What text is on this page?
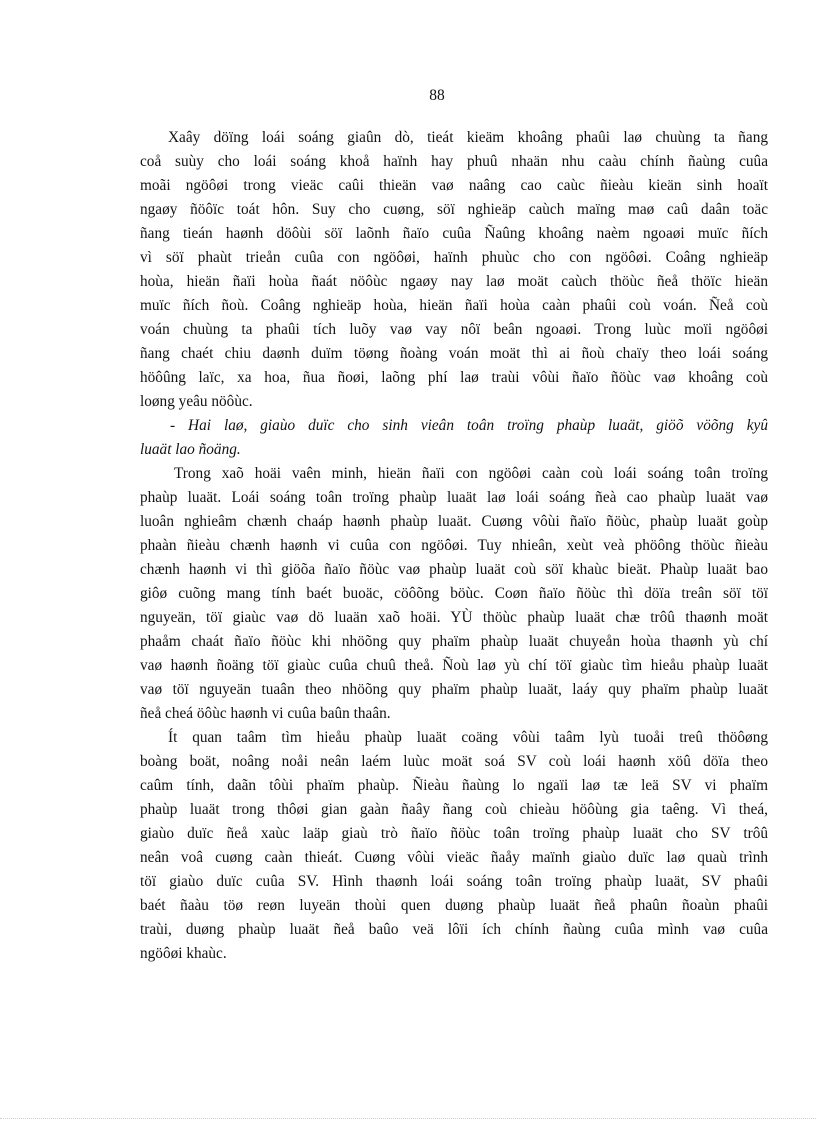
88
Xaây döïng loái soáng giaûn dò, tieát kieäm khoâng phaûi laø chuùng ta ñang
coå suùy cho loái soáng khoå haïnh hay phuû nhaän nhu caàu chính ñaùng cuûa
moãi ngöôøi trong vieäc caûi thieän vaø naâng cao caùc ñieàu kieän sinh hoaït
ngaøy ñöôïc toát hôn. Suy cho cuøng, söï nghieäp caùch maïng maø caû daân toäc
ñang tieán haønh döôùi söï laõnh ñaïo cuûa Ñaûng khoâng naèm ngoaøi muïc ñích
vì söï phaùt trieån cuûa con ngöôøi, haïnh phuùc cho con ngöôøi. Coâng nghieäp
hoùa, hieän ñaïi hoùa ñaát nöôùc ngaøy nay laø moät caùch thöùc ñeå thöïc hieän
muïc ñích ñoù. Coâng nghieäp hoùa, hieän ñaïi hoùa caàn phaûi coù voán. Ñeå coù
voán chuùng ta phaûi tích luõy vaø vay nôï beân ngoaøi. Trong luùc moïi ngöôøi
ñang chaét chiu daønh duïm töøng ñoàng voán moät thì ai ñoù chaïy theo loái soáng
höôûng laïc, xa hoa, ñua ñoøi, laõng phí laø traùi vôùi ñaïo ñöùc vaø khoâng coù
loøng yeâu nöôùc.
- Hai laø, giaùo duïc cho sinh vieân toân troïng phaùp luaät, giöõ vöõng kyû
luaät lao ñoäng.
Trong xaõ hoäi vaên minh, hieän ñaïi con ngöôøi caàn coù loái soáng toân troïng
phaùp luaät. Loái soáng toân troïng phaùp luaät laø loái soáng ñeà cao phaùp luaät vaø
luoân nghieâm chænh chaáp haønh phaùp luaät. Cuøng vôùi ñaïo ñöùc, phaùp luaät goùp
phaàn ñieàu chænh haønh vi cuûa con ngöôøi. Tuy nhieân, xeùt veà phöông thöùc ñieàu
chænh haønh vi thì giöõa ñaïo ñöùc vaø phaùp luaät coù söï khaùc bieät. Phaùp luaät bao
giôø cuõng mang tính baét buoäc, cöôõng böùc. Coøn ñaïo ñöùc thì döïa treân söï töï
nguyeän, töï giaùc vaø dö luaän xaõ hoäi. YÙ thöùc phaùp luaät chæ trôû thaønh moät
phaåm chaát ñaïo ñöùc khi nhöõng quy phaïm phaùp luaät chuyeån hoùa thaønh yù chí
vaø haønh ñoäng töï giaùc cuûa chuû theå. Ñoù laø yù chí töï giaùc tìm hieåu phaùp luaät
vaø töï nguyeän tuaân theo nhöõng quy phaïm phaùp luaät, laáy quy phaïm phaùp luaät
ñeå cheá öôùc haønh vi cuûa baûn thaân.
Ít quan taâm tìm hieåu phaùp luaät coäng vôùi taâm lyù tuoåi treû thöôøng
boàng boät, noâng noåi neân laém luùc moät soá SV coù loái haønh xöû döïa theo
caûm tính, daãn tôùi phaïm phaùp. Ñieàu ñaùng lo ngaïi laø tæ leä SV vi phaïm
phaùp luaät trong thôøi gian gaàn ñaây ñang coù chieàu höôùng gia taêng. Vì theá,
giaùo duïc ñeå xaùc laäp giaù trò ñaïo ñöùc toân troïng phaùp luaät cho SV trôû
neân voâ cuøng caàn thieát. Cuøng vôùi vieäc ñaåy maïnh giaùo duïc laø quaù trình
töï giaùo duïc cuûa SV. Hình thaønh loái soáng toân troïng phaùp luaät, SV phaûi
baét ñaàu töø reøn luyeän thoùi quen duøng phaùp luaät ñeå phaûn ñoaùn phaûi
traùi, duøng phaùp luaät ñeå baûo veä lôïi ích chính ñaùng cuûa mình vaø cuûa
ngöôøi khaùc.
